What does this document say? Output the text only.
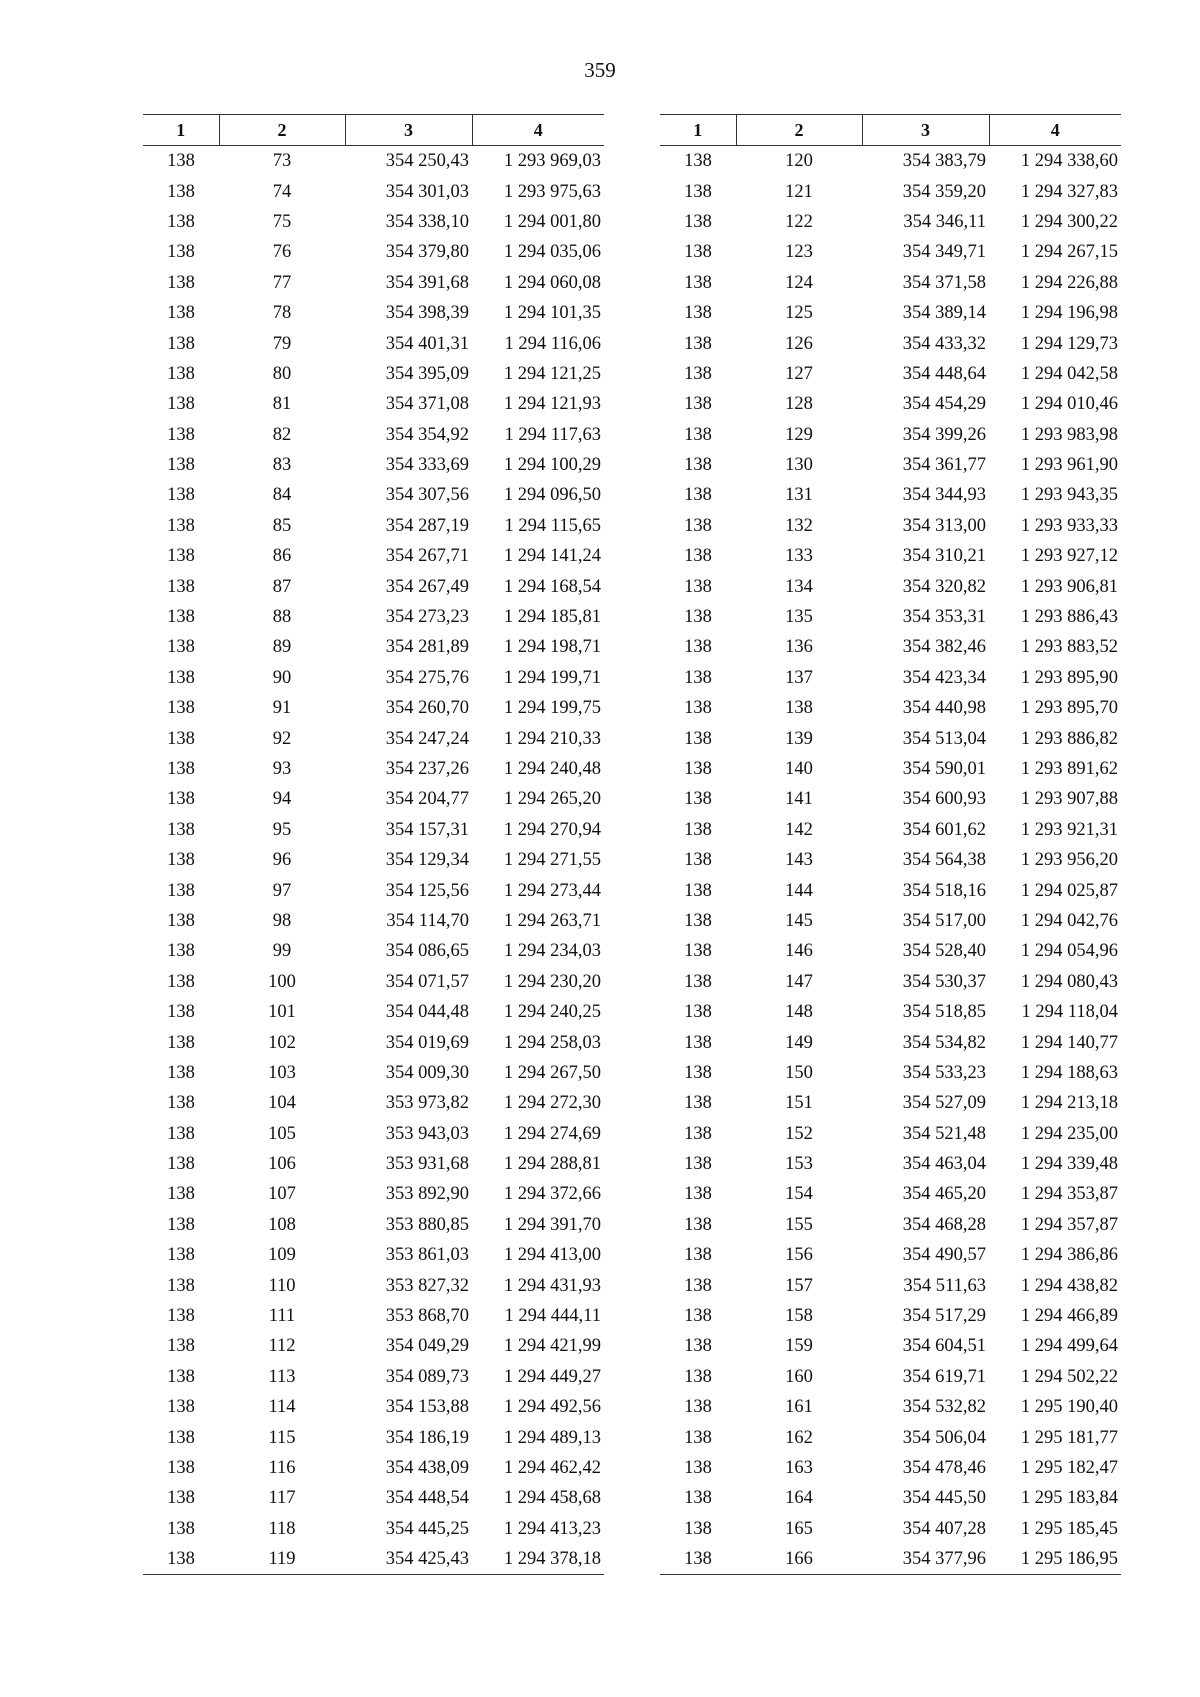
359
1	2	3	4
138	73	354 250,43	1 293 969,03
138	74	354 301,03	1 293 975,63
138	75	354 338,10	1 294 001,80
138	76	354 379,80	1 294 035,06
138	77	354 391,68	1 294 060,08
138	78	354 398,39	1 294 101,35
138	79	354 401,31	1 294 116,06
138	80	354 395,09	1 294 121,25
138	81	354 371,08	1 294 121,93
138	82	354 354,92	1 294 117,63
138	83	354 333,69	1 294 100,29
138	84	354 307,56	1 294 096,50
138	85	354 287,19	1 294 115,65
138	86	354 267,71	1 294 141,24
138	87	354 267,49	1 294 168,54
138	88	354 273,23	1 294 185,81
138	89	354 281,89	1 294 198,71
138	90	354 275,76	1 294 199,71
138	91	354 260,70	1 294 199,75
138	92	354 247,24	1 294 210,33
138	93	354 237,26	1 294 240,48
138	94	354 204,77	1 294 265,20
138	95	354 157,31	1 294 270,94
138	96	354 129,34	1 294 271,55
138	97	354 125,56	1 294 273,44
138	98	354 114,70	1 294 263,71
138	99	354 086,65	1 294 234,03
138	100	354 071,57	1 294 230,20
138	101	354 044,48	1 294 240,25
138	102	354 019,69	1 294 258,03
138	103	354 009,30	1 294 267,50
138	104	353 973,82	1 294 272,30
138	105	353 943,03	1 294 274,69
138	106	353 931,68	1 294 288,81
138	107	353 892,90	1 294 372,66
138	108	353 880,85	1 294 391,70
138	109	353 861,03	1 294 413,00
138	110	353 827,32	1 294 431,93
138	111	353 868,70	1 294 444,11
138	112	354 049,29	1 294 421,99
138	113	354 089,73	1 294 449,27
138	114	354 153,88	1 294 492,56
138	115	354 186,19	1 294 489,13
138	116	354 438,09	1 294 462,42
138	117	354 448,54	1 294 458,68
138	118	354 445,25	1 294 413,23
138	119	354 425,43	1 294 378,18
1	2	3	4
138	120	354 383,79	1 294 338,60
138	121	354 359,20	1 294 327,83
138	122	354 346,11	1 294 300,22
138	123	354 349,71	1 294 267,15
138	124	354 371,58	1 294 226,88
138	125	354 389,14	1 294 196,98
138	126	354 433,32	1 294 129,73
138	127	354 448,64	1 294 042,58
138	128	354 454,29	1 294 010,46
138	129	354 399,26	1 293 983,98
138	130	354 361,77	1 293 961,90
138	131	354 344,93	1 293 943,35
138	132	354 313,00	1 293 933,33
138	133	354 310,21	1 293 927,12
138	134	354 320,82	1 293 906,81
138	135	354 353,31	1 293 886,43
138	136	354 382,46	1 293 883,52
138	137	354 423,34	1 293 895,90
138	138	354 440,98	1 293 895,70
138	139	354 513,04	1 293 886,82
138	140	354 590,01	1 293 891,62
138	141	354 600,93	1 293 907,88
138	142	354 601,62	1 293 921,31
138	143	354 564,38	1 293 956,20
138	144	354 518,16	1 294 025,87
138	145	354 517,00	1 294 042,76
138	146	354 528,40	1 294 054,96
138	147	354 530,37	1 294 080,43
138	148	354 518,85	1 294 118,04
138	149	354 534,82	1 294 140,77
138	150	354 533,23	1 294 188,63
138	151	354 527,09	1 294 213,18
138	152	354 521,48	1 294 235,00
138	153	354 463,04	1 294 339,48
138	154	354 465,20	1 294 353,87
138	155	354 468,28	1 294 357,87
138	156	354 490,57	1 294 386,86
138	157	354 511,63	1 294 438,82
138	158	354 517,29	1 294 466,89
138	159	354 604,51	1 294 499,64
138	160	354 619,71	1 294 502,22
138	161	354 532,82	1 295 190,40
138	162	354 506,04	1 295 181,77
138	163	354 478,46	1 295 182,47
138	164	354 445,50	1 295 183,84
138	165	354 407,28	1 295 185,45
138	166	354 377,96	1 295 186,95
